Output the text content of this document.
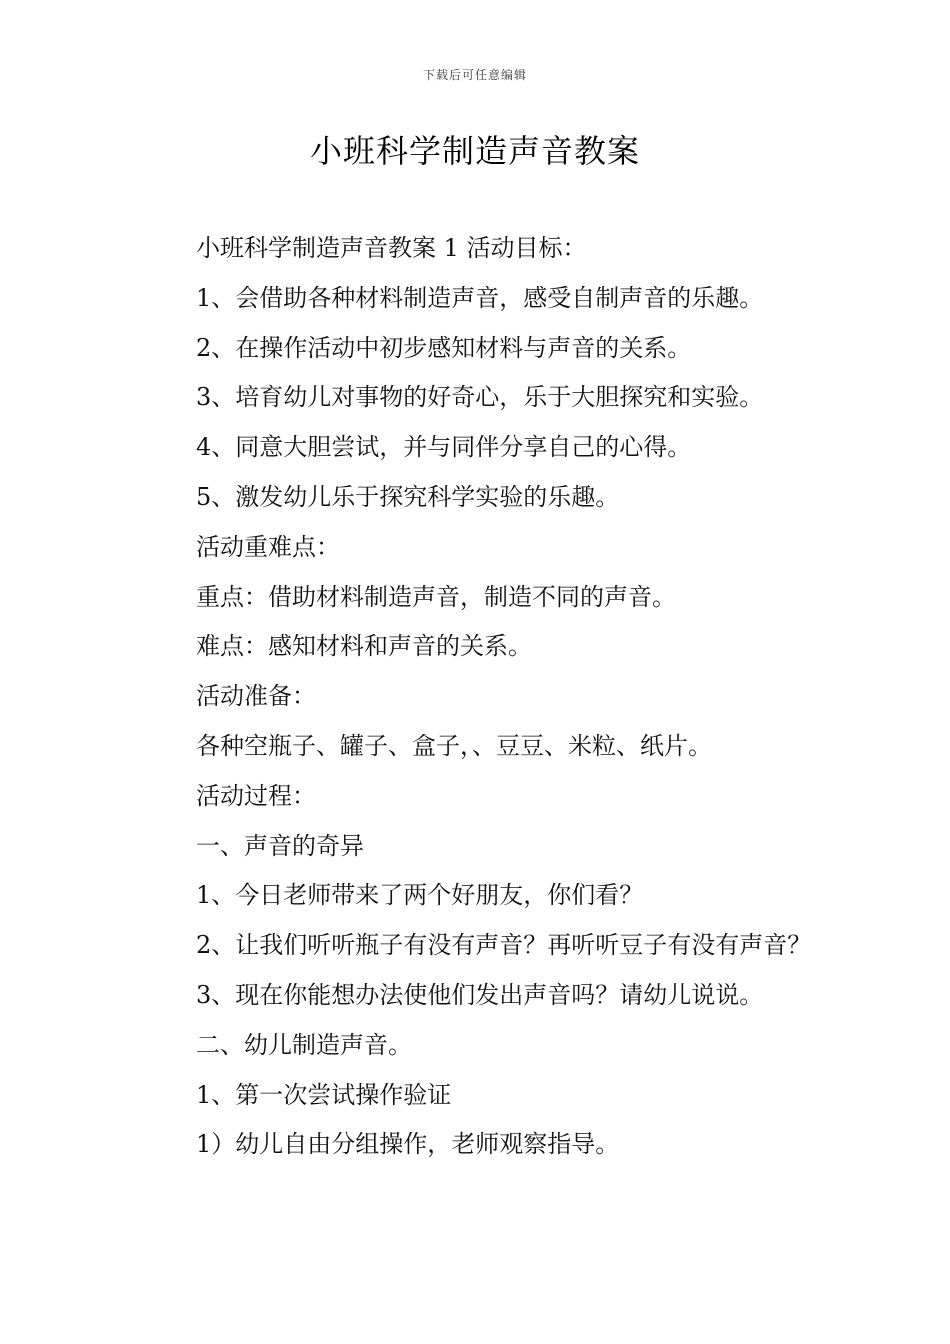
下载后可任意编辑
小班科学制造声音教案

小班科学制造声音教案 1 活动目标：

1、会借助各种材料制造声音，感受自制声音的乐趣。

2、在操作活动中初步感知材料与声音的关系。

3、培育幼儿对事物的好奇心，乐于大胆探究和实验。

4、同意大胆尝试，并与同伴分享自己的心得。

5、激发幼儿乐于探究科学实验的乐趣。

活动重难点：

重点：借助材料制造声音，制造不同的声音。

难点：感知材料和声音的关系。

活动准备：

各种空瓶子、罐子、盒子，、豆豆、米粒、纸片。

活动过程：

一、声音的奇异

1、今日老师带来了两个好朋友，你们看？

2、让我们听听瓶子有没有声音？再听听豆子有没有声音？

3、现在你能想办法使他们发出声音吗？请幼儿说说。

二、幼儿制造声音。

1、第一次尝试操作验证

1）幼儿自由分组操作，老师观察指导。
